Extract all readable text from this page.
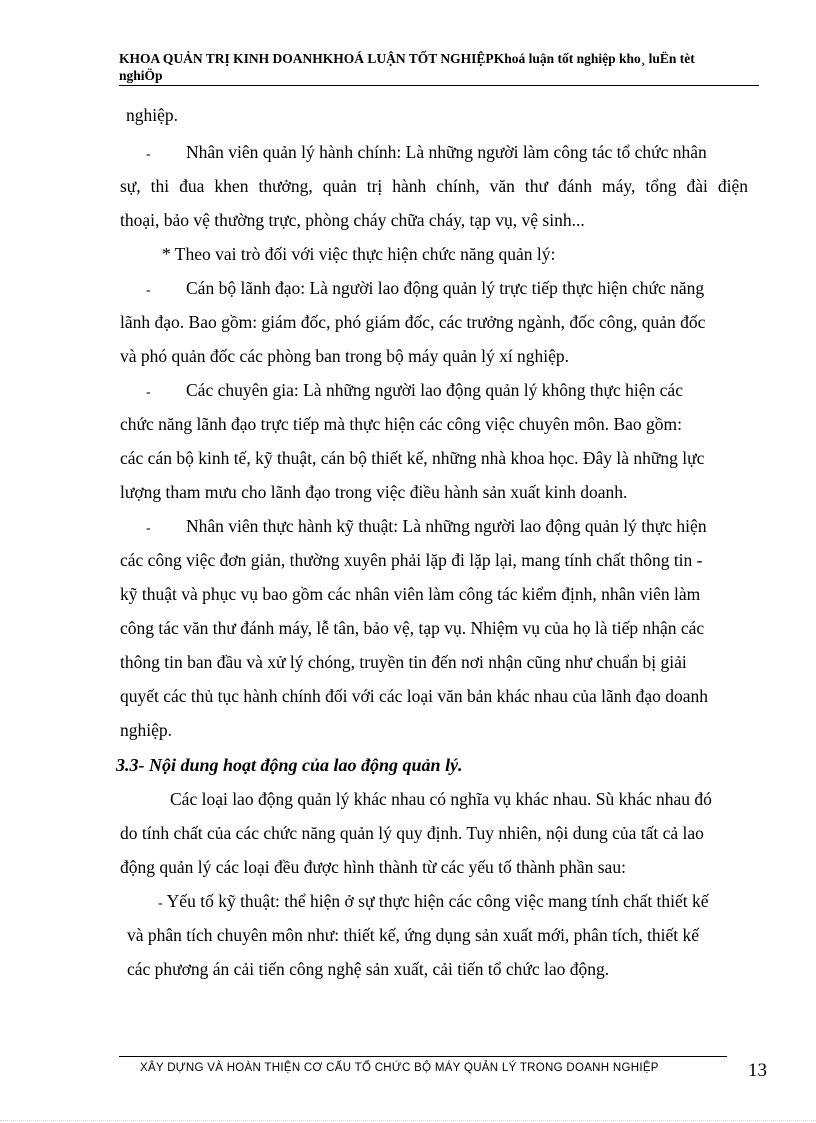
KHOA QUẢN TRỊ KINH DOANHKHOÁ LUẬN TỐT NGHIỆPKhoá luận tốt nghiệp kho¸ luËn tèt
nghiÖp
nghiệp.
- Nhân viên quản lý hành chính: Là những người làm công tác tổ chức nhân
sự, thi đua khen thưởng, quản trị hành chính, văn thư đánh máy, tổng đài điện
thoại, bảo vệ thường trực, phòng cháy chữa cháy, tạp vụ, vệ sinh...
* Theo vai trò đối với việc thực hiện chức năng quản lý:
- Cán bộ lãnh đạo: Là người lao động quản lý trực tiếp thực hiện chức năng
lãnh đạo. Bao gồm: giám đốc, phó giám đốc, các trưởng ngành, đốc công, quản đốc
và phó quản đốc các phòng ban trong bộ máy quản lý xí nghiệp.
- Các chuyên gia: Là những người lao động quản lý không thực hiện các
chức năng lãnh đạo trực tiếp mà thực hiện các công việc chuyên môn. Bao gồm:
các cán bộ kinh tế, kỹ thuật, cán bộ thiết kế, những nhà khoa học. Đây là những lực
lượng tham mưu cho lãnh đạo trong việc điều hành sản xuất kinh doanh.
- Nhân viên thực hành kỹ thuật: Là những người lao động quản lý thực hiện
các công việc đơn giản, thường xuyên phải lặp đi lặp lại, mang tính chất thông tin -
kỹ thuật và phục vụ bao gồm các nhân viên làm công tác kiểm định, nhân viên làm
công tác văn thư đánh máy, lễ tân, bảo vệ, tạp vụ. Nhiệm vụ của họ là tiếp nhận các
thông tin ban đầu và xử lý chóng, truyền tin đến nơi nhận cũng như chuẩn bị giải
quyết các thủ tục hành chính đối với các loại văn bản khác nhau của lãnh đạo doanh
nghiệp.
3.3- Nội dung hoạt động của lao động quản lý.
Các loại lao động quản lý khác nhau có nghĩa vụ khác nhau. Sù khác nhau đó
do tính chất của các chức năng quản lý quy định. Tuy nhiên, nội dung của tất cả lao
động quản lý các loại đều được hình thành từ các yếu tố thành phần sau:
- Yếu tố kỹ thuật: thể hiện ở sự thực hiện các công việc mang tính chất thiết kế
và phân tích chuyên môn như: thiết kế, ứng dụng sản xuất mới, phân tích, thiết kế
các phương án cải tiến công nghệ sản xuất, cải tiến tổ chức lao động.
XÂY DỰNG VÀ HOÀN THIỆN CƠ CẤU TỔ CHỨC BỘ MÁY QUẢN LÝ TRONG DOANH NGHIỆP	13
